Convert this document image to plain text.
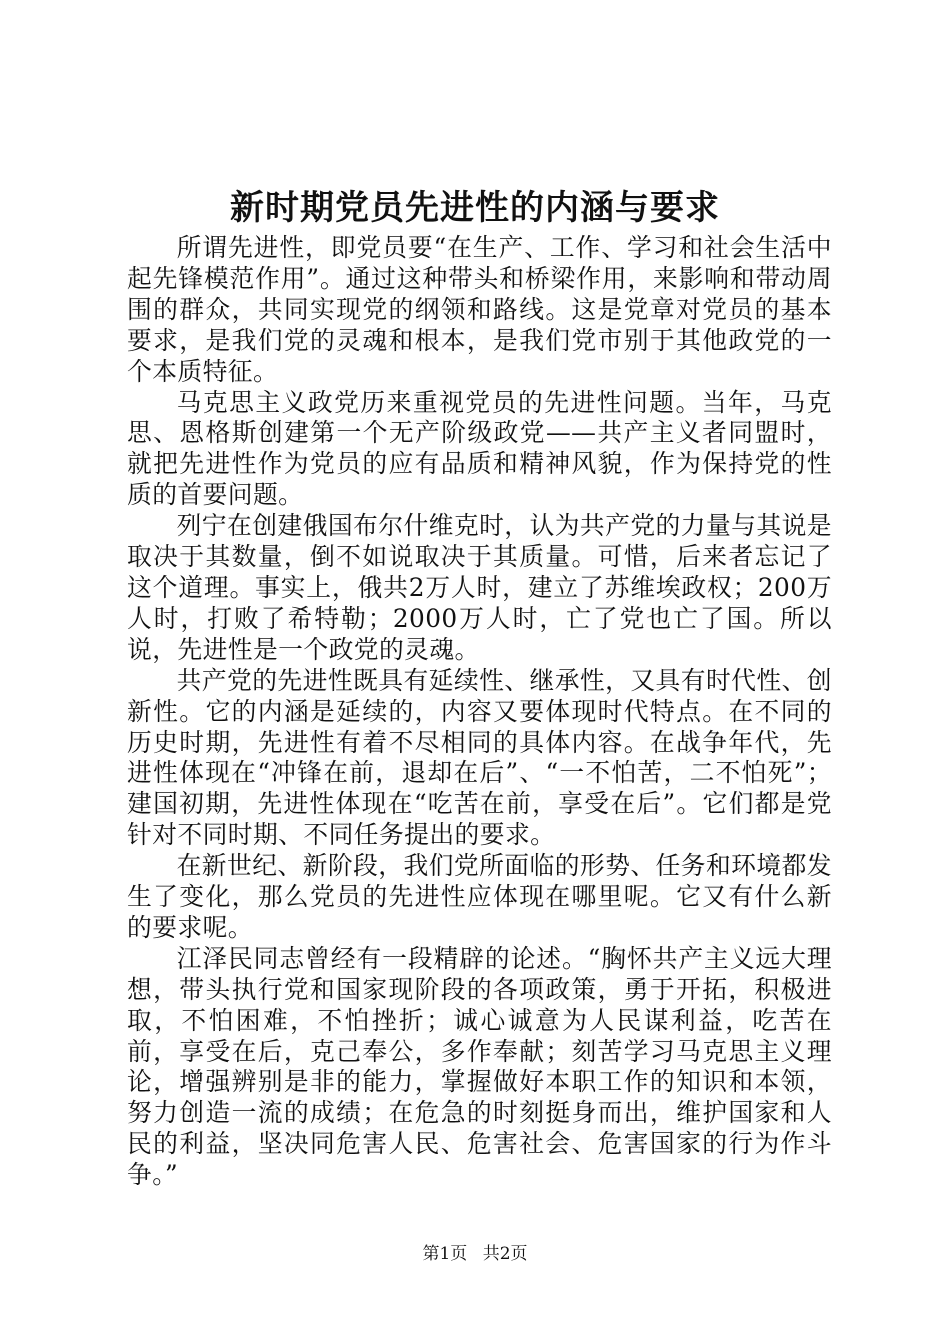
新时期党员先进性的内涵与要求

所谓先进性，即党员要“在生产、工作、学习和社会生活中起先锋模范作用”。通过这种带头和桥梁作用，来影响和带动周围的群众，共同实现党的纲领和路线。这是党章对党员的基本要求，是我们党的灵魂和根本，是我们党市别于其他政党的一个本质特征。

马克思主义政党历来重视党员的先进性问题。当年，马克思、恩格斯创建第一个无产阶级政党——共产主义者同盟时，就把先进性作为党员的应有品质和精神风貌，作为保持党的性质的首要问题。

列宁在创建俄国布尔什维克时，认为共产党的力量与其说是取决于其数量，倒不如说取决于其质量。可惜，后来者忘记了这个道理。事实上，俄共2万人时，建立了苏维埃政权；200万人时，打败了希特勒；2000万人时，亡了党也亡了国。所以说，先进性是一个政党的灵魂。

共产党的先进性既具有延续性、继承性，又具有时代性、创新性。它的内涵是延续的，内容又要体现时代特点。在不同的历史时期，先进性有着不尽相同的具体内容。在战争年代，先进性体现在“冲锋在前，退却在后”、“一不怕苦，二不怕死”；建国初期，先进性体现在“吃苦在前，享受在后”。它们都是党针对不同时期、不同任务提出的要求。

在新世纪、新阶段，我们党所面临的形势、任务和环境都发生了变化，那么党员的先进性应体现在哪里呢。它又有什么新的要求呢。

江泽民同志曾经有一段精辟的论述。“胸怀共产主义远大理想，带头执行党和国家现阶段的各项政策，勇于开拓，积极进取，不怕困难，不怕挫折；诚心诚意为人民谋利益，吃苦在前，享受在后，克己奉公，多作奉献；刻苦学习马克思主义理论，增强辨别是非的能力，掌握做好本职工作的知识和本领，努力创造一流的成绩；在危急的时刻挺身而出，维护国家和人民的利益，坚决同危害人民、危害社会、危害国家的行为作斗争。”

第1页 共2页
